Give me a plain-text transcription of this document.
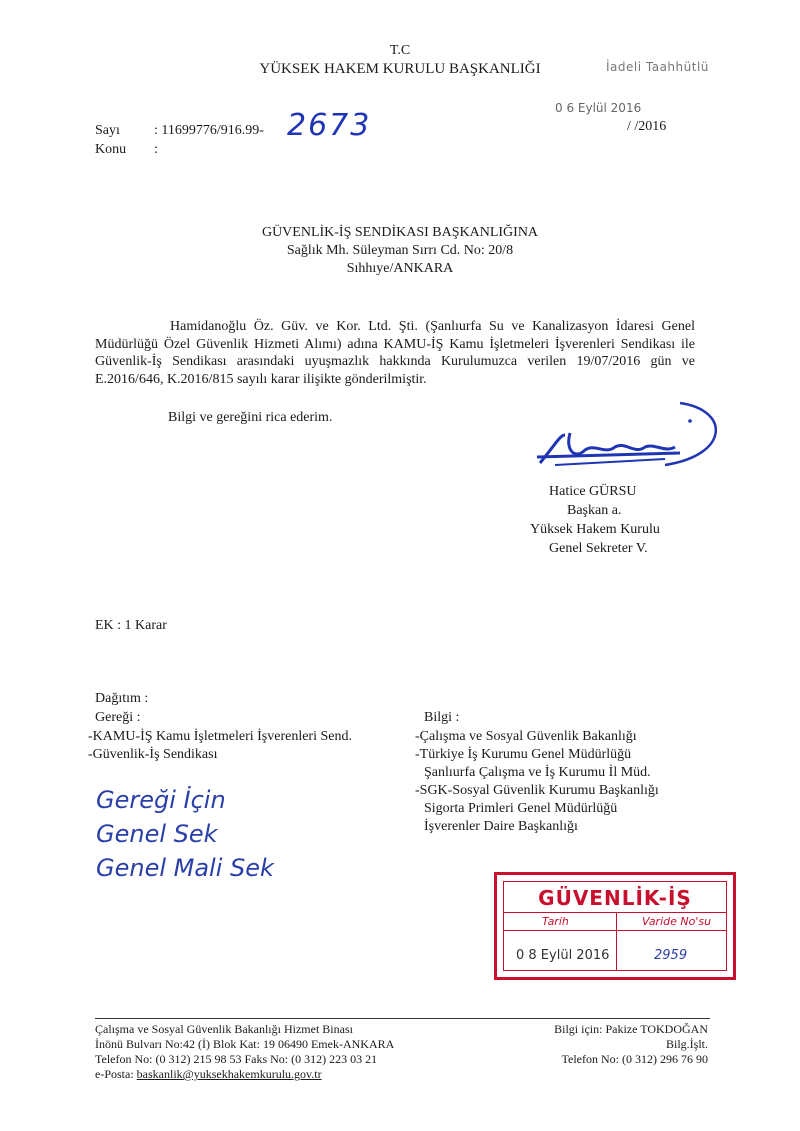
T.C
YÜKSEK HAKEM KURULU BAŞKANLIĞI	İadeli Taahhütlü
0 6 Eylül 2016
Sayı : 11699776/916.99- 2673	/ /2016
Konu :
GÜVENLİK-İŞ SENDİKASI BAŞKANLIĞINA
Sağlık Mh. Süleyman Sırrı Cd. No: 20/8
Sıhhıye/ANKARA
Hamidanoğlu Öz. Güv. ve Kor. Ltd. Şti. (Şanlıurfa Su ve Kanalizasyon İdaresi Genel Müdürlüğü Özel Güvenlik Hizmeti Alımı) adına KAMU-İŞ Kamu İşletmeleri İşverenleri Sendikası ile Güvenlik-İş Sendikası arasındaki uyuşmazlık hakkında Kurulumuzca verilen 19/07/2016 gün ve E.2016/646, K.2016/815 sayılı karar ilişikte gönderilmiştir.
Bilgi ve gereğini rica ederim.
Hatice GÜRSU
Başkan a.
Yüksek Hakem Kurulu
Genel Sekreter V.
EK : 1 Karar
Dağıtım :
Gereği :
-KAMU-İŞ Kamu İşletmeleri İşverenleri Send.
-Güvenlik-İş Sendikası
Bilgi :
-Çalışma ve Sosyal Güvenlik Bakanlığı
-Türkiye İş Kurumu Genel Müdürlüğü
Şanlıurfa Çalışma ve İş Kurumu İl Müd.
-SGK-Sosyal Güvenlik Kurumu Başkanlığı
Sigorta Primleri Genel Müdürlüğü
İşverenler Daire Başkanlığı
Gereği İçin
Genel Sek
Genel Mali Sek
GÜVENLİK-İŞ
Tarih	Varide No'su
0 8 Eylül 2016	2959
Çalışma ve Sosyal Güvenlik Bakanlığı Hizmet Binası
İnönü Bulvarı No:42 (İ) Blok Kat: 19 06490 Emek-ANKARA
Telefon No: (0 312) 215 98 53 Faks No: (0 312) 223 03 21
e-Posta: baskanlik@yuksekhakemkurulu.gov.tr
Bilgi için: Pakize TOKDOĞAN
Bilg.İşlt.
Telefon No: (0 312) 296 76 90
